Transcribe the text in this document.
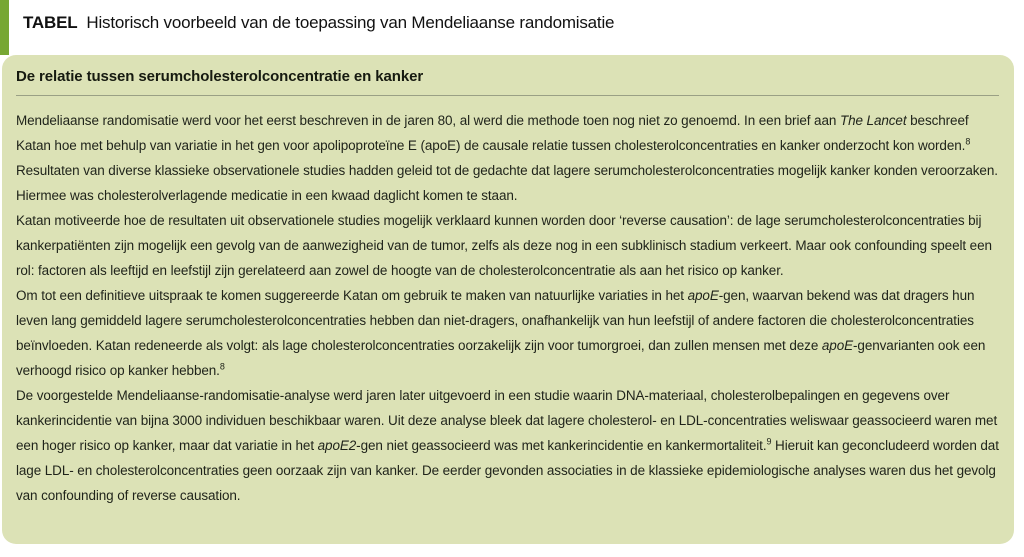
TABEL Historisch voorbeeld van de toepassing van Mendeliaanse randomisatie
De relatie tussen serumcholesterolconcentratie en kanker

Mendeliaanse randomisatie werd voor het eerst beschreven in de jaren 80, al werd die methode toen nog niet zo genoemd. In een brief aan The Lancet beschreef Katan hoe met behulp van variatie in het gen voor apolipoproteïne E (apoE) de causale relatie tussen cholesterolconcentraties en kanker onderzocht kon worden.$^8$ Resultaten van diverse klassieke observationele studies hadden geleid tot de gedachte dat lagere serumcholesterolconcentraties mogelijk kanker konden veroorzaken. Hiermee was cholesterolverlagende medicatie in een kwaad daglicht komen te staan.

Katan motiveerde hoe de resultaten uit observationele studies mogelijk verklaard kunnen worden door ‘reverse causation’: de lage serumcholesterolconcentraties bij kankerpatiënten zijn mogelijk een gevolg van de aanwezigheid van de tumor, zelfs als deze nog in een subklinisch stadium verkeert. Maar ook confounding speelt een rol: factoren als leeftijd en leefstijl zijn gerelateerd aan zowel de hoogte van de cholesterolconcentratie als aan het risico op kanker.

Om tot een definitieve uitspraak te komen suggereerde Katan om gebruik te maken van natuurlijke variaties in het apoE-gen, waarvan bekend was dat dragers hun leven lang gemiddeld lagere serumcholesterolconcentraties hebben dan niet-dragers, onafhankelijk van hun leefstijl of andere factoren die cholesterolconcentraties beïnvloeden. Katan redeneerde als volgt: als lage cholesterolconcentraties oorzakelijk zijn voor tumorgroei, dan zullen mensen met deze apoE-genvarianten ook een verhoogd risico op kanker hebben.$^8$

De voorgestelde Mendeliaanse-randomisatie-analyse werd jaren later uitgevoerd in een studie waarin DNA-materiaal, cholesterolbepalingen en gegevens over kankerincidentie van bijna 3000 individuen beschikbaar waren. Uit deze analyse bleek dat lagere cholesterol- en LDL-concentraties weliswaar geassocieerd waren met een hoger risico op kanker, maar dat variatie in het apoE2-gen niet geassocieerd was met kankerincidentie en kankermortaliteit.$^9$ Hieruit kan geconcludeerd worden dat lage LDL- en cholesterolconcentraties geen oorzaak zijn van kanker. De eerder gevonden associaties in de klassieke epidemiologische analyses waren dus het gevolg van confounding of reverse causation.
